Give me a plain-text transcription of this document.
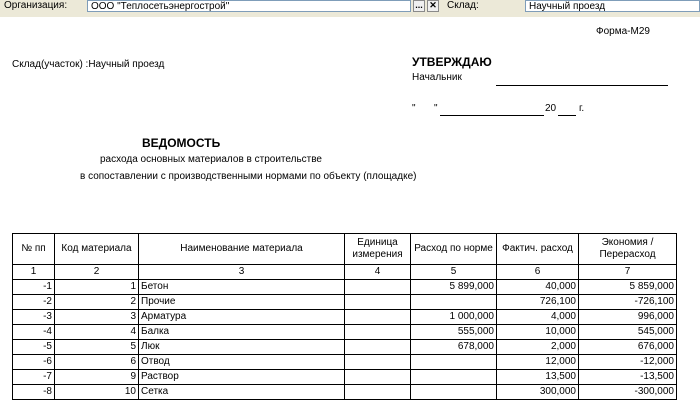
Организация:	ООО "Теплосетьэнергострой"	... ✕ Склад:	Научный проезд
Форма-М29
Склад(участок) :Научный проезд	УТВЕРЖДАЮ
Начальник
" "	20 г.
ВЕДОМОСТЬ
расхода основных материалов в строительстве
в сопоставлении с производственными нормами по объекту (площадке)
№ пп	Код материала	Наименование материала	Единица измерения	Расход по норме	Фактич. расход	Экономия / Перерасход
1	2	3	4	5	6	7
-1	1	Бетон		5 899,000	40,000	5 859,000
-2	2	Прочие			726,100	-726,100
-3	3	Арматура		1 000,000	4,000	996,000
-4	4	Балка		555,000	10,000	545,000
-5	5	Люк		678,000	2,000	676,000
-6	6	Отвод			12,000	-12,000
-7	9	Раствор			13,500	-13,500
-8	10	Сетка			300,000	-300,000
